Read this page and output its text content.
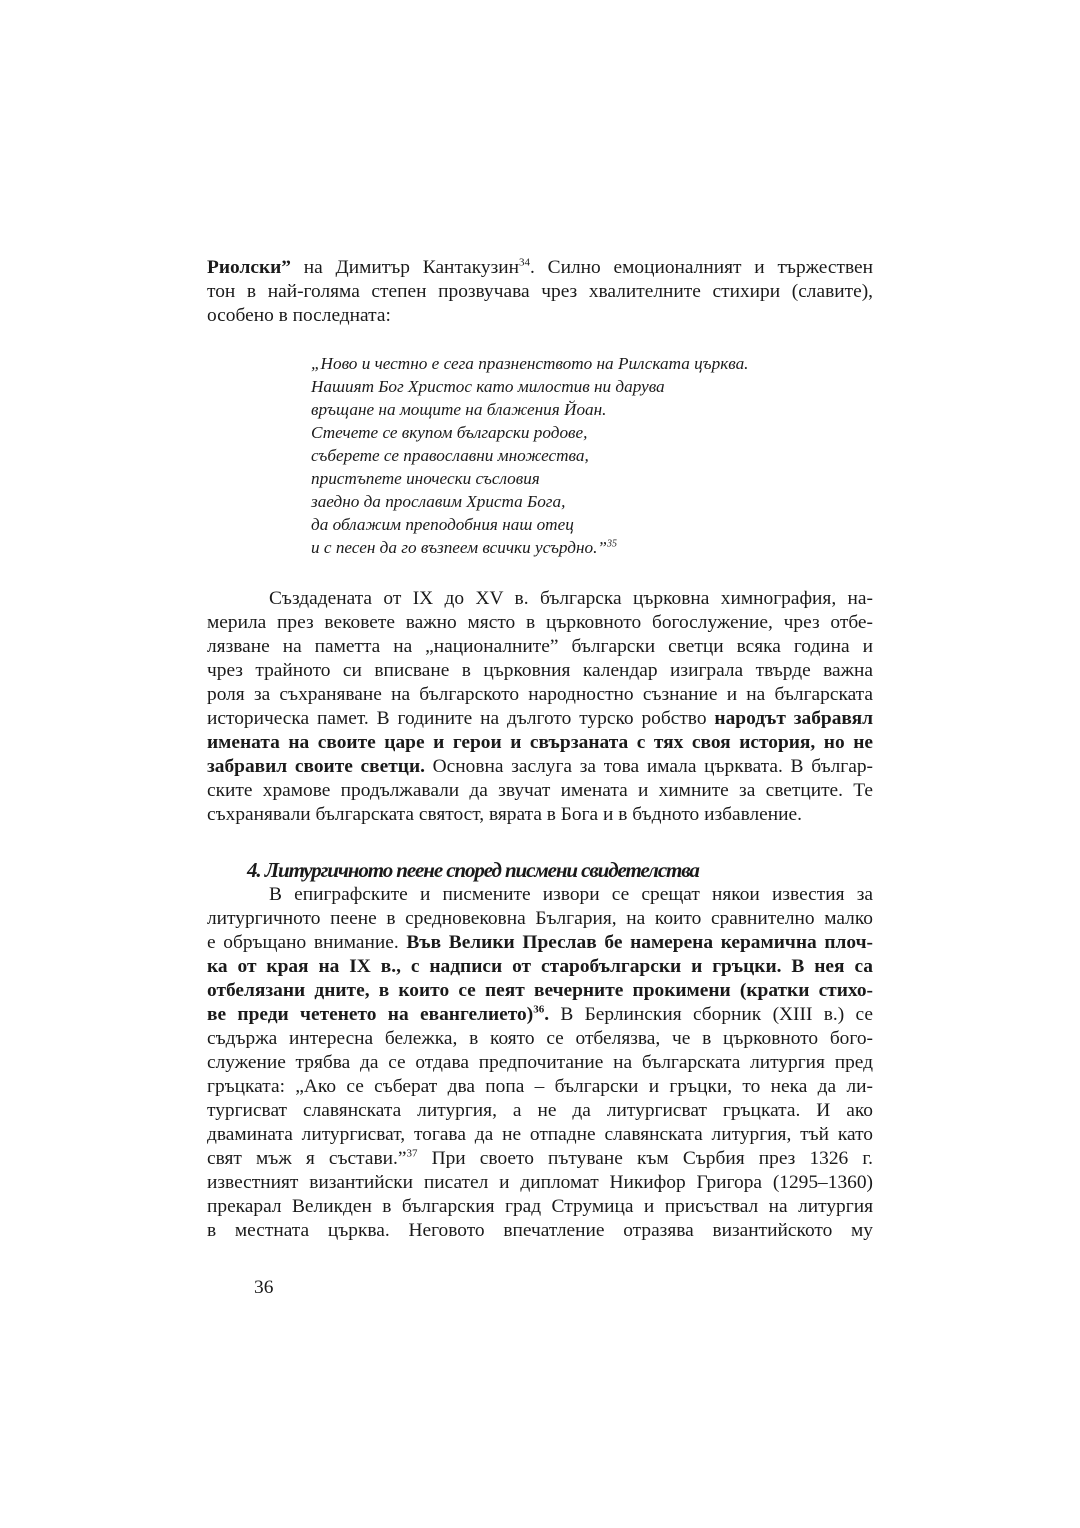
Риолски” на Димитър Кантакузин$^{34}$. Силно емоционалният и тържествен
тон в най-голяма степен прозвучава чрез хвалителните стихири (славите),
особено в последната:

„Ново и честно е сега празненството на Рилската църква.
Нашият Бог Христос като милостив ни дарува
връщане на мощите на блажения Йоан.
Стечете се вкупом български родове,
съберете се православни множества,
пристъпете иночески съсловия
заедно да прославим Христа Бога,
да облажим преподобния наш отец
и с песен да го възпеем всички усърдно.”$^{35}$

Създадената от IX до XV в. българска църковна химнография, на-
мерила през вековете важно място в църковното богослужение, чрез отбе-
лязване на паметта на „националните” български светци всяка година и
чрез трайното си вписване в църковния календар изиграла твърде важна
роля за съхраняване на българското народностно съзнание и на българската
историческа памет. В годините на дългото турско робство народът забравял
имената на своите царе и герои и свързаната с тях своя история, но не
забравил своите светци. Основна заслуга за това имала църквата. В българ-
ските храмове продължавали да звучат имената и химните за светците. Те
съхранявали българската святост, вярата в Бога и в бъдното избавление.

4. Литургичното пеене според писмени свидетелства

В епиграфските и писмените извори се срещат някои известия за
литургичното пеене в средновековна България, на които сравнително малко
е обръщано внимание. Във Велики Преслав бе намерена керамична плоч-
ка от края на IX в., с надписи от старобългарски и гръцки. В нея са
отбелязани дните, в които се пеят вечерните прокимени (кратки стихо-
ве преди четенето на евангелието)$^{36}$. В Берлинския сборник (XIII в.) се
съдържа интересна бележка, в която се отбелязва, че в църковното бого-
служение трябва да се отдава предпочитание на българската литургия пред
гръцката: „Ако се съберат два попа – български и гръцки, то нека да ли-
тургисват славянската литургия, а не да литургисват гръцката. И ако
двамината литургисват, тогава да не отпадне славянската литургия, тъй като
свят мъж я състави.”$^{37}$ При своето пътуване към Сърбия през 1326 г.
известният византийски писател и дипломат Никифор Григора (1295–1360)
прекарал Великден в българския град Струмица и присъствал на литургия
в местната църква. Неговото впечатление отразява византийското му

36
